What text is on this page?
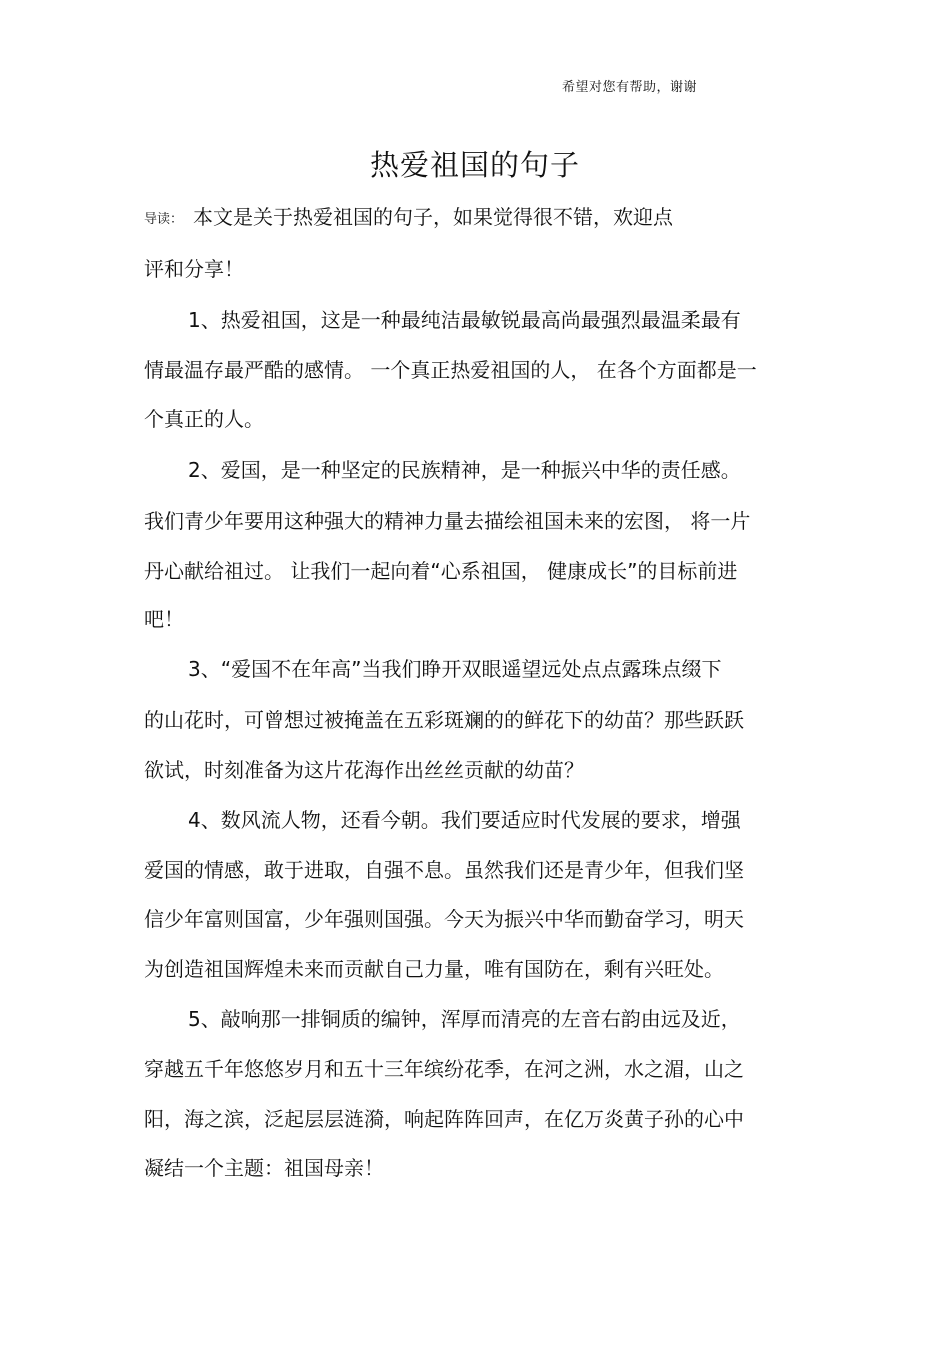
希望对您有帮助，谢谢
热爱祖国的句子
导读： 本文是关于热爱祖国的句子，如果觉得很不错，欢迎点
评和分享！
1、热爱祖国，这是一种最纯洁最敏锐最高尚最强烈最温柔最有
情最温存最严酷的感情。 一个真正热爱祖国的人， 在各个方面都是一
个真正的人。
2、爱国，是一种坚定的民族精神，是一种振兴中华的责任感。
我们青少年要用这种强大的精神力量去描绘祖国未来的宏图， 将一片
丹心献给祖过。 让我们一起向着“心系祖国， 健康成长”的目标前进
吧！
3、“爱国不在年高”当我们睁开双眼遥望远处点点露珠点缀下
的山花时，可曾想过被掩盖在五彩斑斓的的鲜花下的幼苗？那些跃跃
欲试，时刻准备为这片花海作出丝丝贡献的幼苗？
4、数风流人物，还看今朝。我们要适应时代发展的要求，增强
爱国的情感，敢于进取，自强不息。虽然我们还是青少年，但我们坚
信少年富则国富，少年强则国强。今天为振兴中华而勤奋学习，明天
为创造祖国辉煌未来而贡献自己力量，唯有国防在，剩有兴旺处。
5、敲响那一排铜质的编钟，浑厚而清亮的左音右韵由远及近，
穿越五千年悠悠岁月和五十三年缤纷花季，在河之洲，水之湄，山之
阳，海之滨，泛起层层涟漪，响起阵阵回声，在亿万炎黄子孙的心中
凝结一个主题：祖国母亲！
